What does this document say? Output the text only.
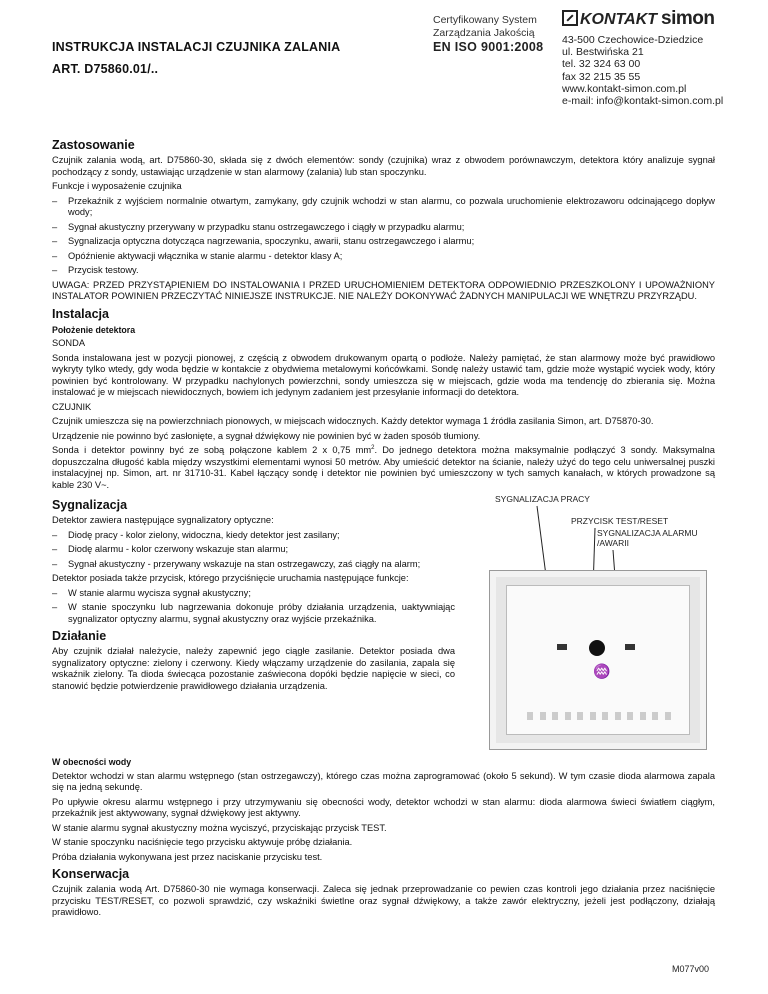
INSTRUKCJA INSTALACJI CZUJNIKA ZALANIA
ART. D75860.01/..
Certyfikowany System
Zarządzania Jakością
EN ISO 9001:2008
KONTAKT simon
43-500 Czechowice-Dziedzice
ul. Bestwińska 21
tel. 32 324 63 00
fax 32 215 35 55
www.kontakt-simon.com.pl
e-mail: info@kontakt-simon.com.pl
Zastosowanie

Czujnik zalania wodą, art. D75860-30, składa się z dwóch elementów: sondy (czujnika) wraz z obwodem porównawczym, detektora który analizuje sygnał pochodzący z sondy, ustawiając urządzenie w stan alarmowy (zalania) lub stan spoczynku.

Funkcje i wyposażenie czujnika

– Przekaźnik z wyjściem normalnie otwartym, zamykany, gdy czujnik wchodzi w stan alarmu, co pozwala uruchomienie elektrozaworu odcinającego dopływ wody;
– Sygnał akustyczny przerywany w przypadku stanu ostrzegawczego i ciągły w przypadku alarmu;
– Sygnalizacja optyczna dotycząca nagrzewania, spoczynku, awarii, stanu ostrzegawczego i alarmu;
– Opóźnienie aktywacji włącznika w stanie alarmu - detektor klasy A;
– Przycisk testowy.

UWAGA: PRZED PRZYSTĄPIENIEM DO INSTALOWANIA I PRZED URUCHOMIENIEM DETEKTORA ODPOWIEDNIO PRZESZKOLONY I UPOWAŻNIONY INSTALATOR POWINIEN PRZECZYTAĆ NINIEJSZE INSTRUKCJE. NIE NALEŻY DOKONYWAĆ ŻADNYCH MANIPULACJI WE WNĘTRZU PRZYRZĄDU.

Instalacja
Położenie detektora

SONDA

Sonda instalowana jest w pozycji pionowej, z częścią z obwodem drukowanym opartą o podłoże. Należy pamiętać, że stan alarmowy może być prawidłowo wykryty tylko wtedy, gdy woda będzie w kontakcie z obydwiema metalowymi końcówkami. Sondę należy ustawić tam, gdzie może wystąpić wyciek wody, który powinien być kontrolowany. W przypadku nachylonych powierzchni, sondy umieszcza się w miejscach, gdzie woda ma tendencję do zbierania się. Można instalować je w miejscach niewidocznych, bowiem ich jedynym zadaniem jest przesyłanie informacji do detektora.

CZUJNIK

Czujnik umieszcza się na powierzchniach pionowych, w miejscach widocznych. Każdy detektor wymaga 1 źródła zasilania Simon, art. D75870-30.

Urządzenie nie powinno być zasłonięte, a sygnał dźwiękowy nie powinien być w żaden sposób tłumiony.

Sonda i detektor powinny być ze sobą połączone kablem 2 x 0,75 $mm^2$. Do jednego detektora można maksymalnie podłączyć 3 sondy. Maksymalna dopuszczalna długość kabla między wszystkimi elementami wynosi 50 metrów. Aby umieścić detektor na ścianie, należy użyć do tego celu uniwersalnej puszki instalacyjnej np. Simon, art. nr 31710-31. Kabel łączący sondę i detektor nie powinien być umieszczony w tych samych kanałach, w których prowadzone są kable 230 V~.

Sygnalizacja

Detektor zawiera następujące sygnalizatory optyczne:

– Diodę pracy - kolor zielony, widoczna, kiedy detektor jest zasilany;
– Diodę alarmu - kolor czerwony wskazuje stan alarmu;
– Sygnał akustyczny - przerywany wskazuje na stan ostrzegawczy, zaś ciągły na alarm;

Detektor posiada także przycisk, którego przyciśnięcie uruchamia następujące funkcje:

– W stanie alarmu wycisza sygnał akustyczny;
– W stanie spoczynku lub nagrzewania dokonuje próby działania urządzenia, uaktywniając sygnalizator optyczny alarmu, sygnał akustyczny oraz wyjście przekaźnika.
Działanie

Aby czujnik działał należycie, należy zapewnić jego ciągłe zasilanie. Detektor posiada dwa sygnalizatory optyczne: zielony i czerwony. Kiedy włączamy urządzenie do zasilania, zapala się wskaźnik zielony. Ta dioda świecąca pozostanie zaświecona dopóki będzie napięcie w sieci, co stanowić będzie potwierdzenie prawidłowego działania urządzenia.

SYGNALIZACJA PRACY
PRZYCISK TEST/RESET
SYGNALIZACJA ALARMU
/AWARII
♒
W obecności wody

Detektor wchodzi w stan alarmu wstępnego (stan ostrzegawczy), którego czas można zaprogramować (około 5 sekund). W tym czasie dioda alarmowa zapala się na jedną sekundę.

Po upływie okresu alarmu wstępnego i przy utrzymywaniu się obecności wody, detektor wchodzi w stan alarmu: dioda alarmowa świeci światłem ciągłym, przekaźnik jest aktywowany, sygnał dźwiękowy jest aktywny.

W stanie alarmu sygnał akustyczny można wyciszyć, przyciskając przycisk TEST.

W stanie spoczynku naciśnięcie tego przycisku aktywuje próbę działania.

Próba działania wykonywana jest przez naciskanie przycisku test.

Konserwacja

Czujnik zalania wodą Art. D75860-30 nie wymaga konserwacji. Zaleca się jednak przeprowadzanie co pewien czas kontroli jego działania przez naciśnięcie przycisku TEST/RESET, co pozwoli sprawdzić, czy wskaźniki świetlne oraz sygnał dźwiękowy, a także zawór elektryczny, jeżeli jest podłączony, działają prawidłowo.

M077v00
